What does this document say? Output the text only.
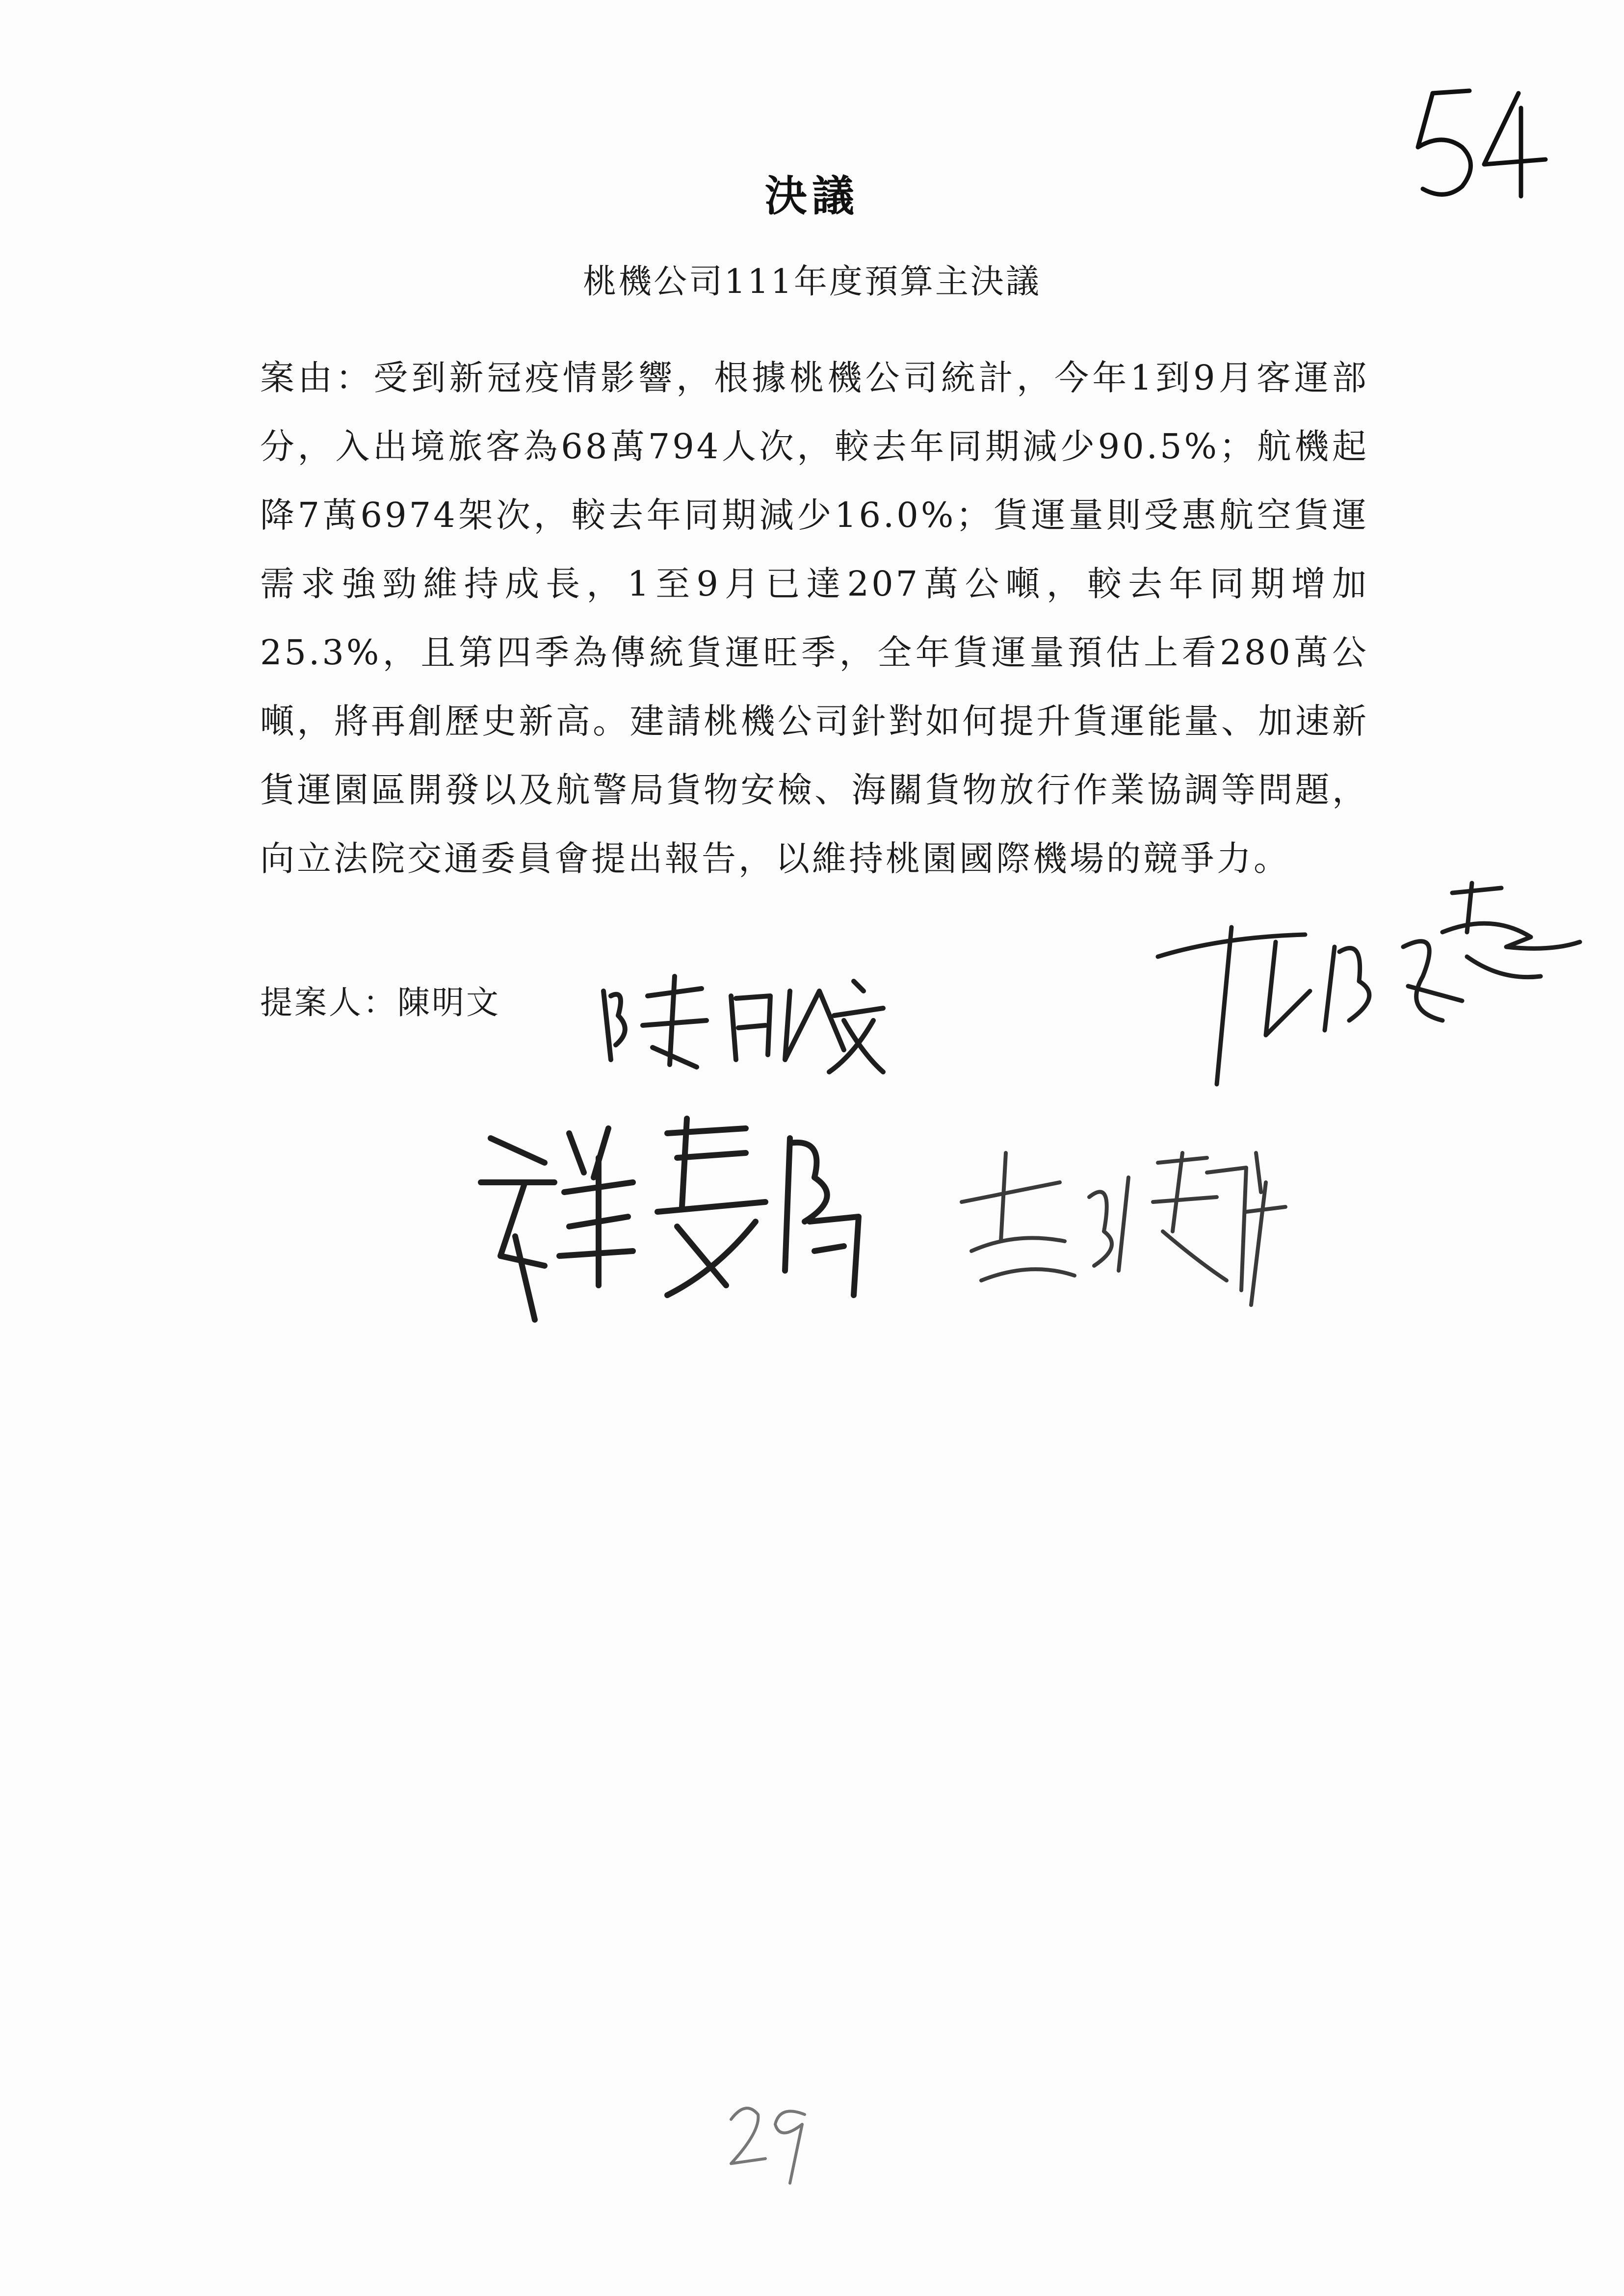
決議
桃機公司111年度預算主決議

案由：受到新冠疫情影響，根據桃機公司統計，今年1到9月客運部分，入出境旅客為68萬794人次，較去年同期減少90.5%；航機起降7萬6974架次，較去年同期減少16.0%；貨運量則受惠航空貨運需求強勁維持成長，1至9月已達207萬公噸，較去年同期增加25.3%，且第四季為傳統貨運旺季，全年貨運量預估上看280萬公噸，將再創歷史新高。建請桃機公司針對如何提升貨運能量、加速新貨運園區開發以及航警局貨物安檢、海關貨物放行作業協調等問題，向立法院交通委員會提出報告，以維持桃園國際機場的競爭力。

提案人：陳明文
